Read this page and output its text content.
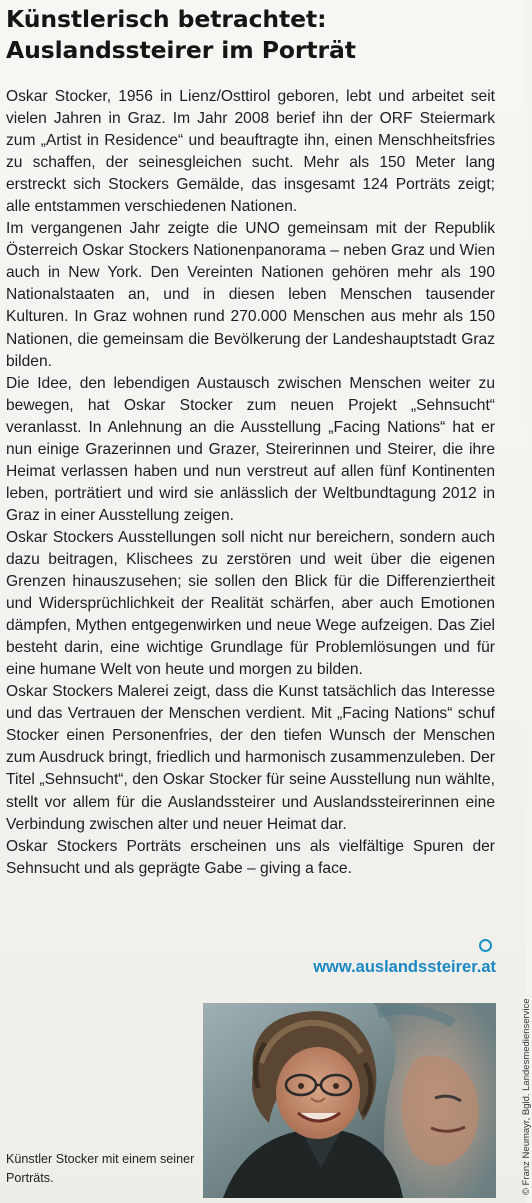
Künstlerisch betrachtet:
Auslandssteirer im Porträt

Oskar Stocker, 1956 in Lienz/Osttirol geboren, lebt und arbeitet seit vielen Jahren in Graz. Im Jahr 2008 berief ihn der ORF Steiermark zum „Artist in Residence“ und beauftragte ihn, einen Menschheitsfries zu schaffen, der seinesgleichen sucht. Mehr als 150 Meter lang erstreckt sich Stockers Gemälde, das insgesamt 124 Porträts zeigt; alle entstammen verschiedenen Nationen.

Im vergangenen Jahr zeigte die UNO gemeinsam mit der Republik Österreich Oskar Stockers Nationenpanorama – neben Graz und Wien auch in New York. Den Vereinten Nationen gehören mehr als 190 Nationalstaaten an, und in diesen leben Menschen tausender Kulturen. In Graz wohnen rund 270.000 Menschen aus mehr als 150 Nationen, die gemeinsam die Bevölkerung der Landeshauptstadt Graz bilden.

Die Idee, den lebendigen Austausch zwischen Menschen weiter zu bewegen, hat Oskar Stocker zum neuen Projekt „Sehnsucht“ veranlasst. In Anlehnung an die Ausstellung „Facing Nations“ hat er nun einige Grazerinnen und Grazer, Steirerinnen und Steirer, die ihre Heimat verlassen haben und nun verstreut auf allen fünf Kontinenten leben, porträtiert und wird sie anlässlich der Weltbundtagung 2012 in Graz in einer Ausstellung zeigen.

Oskar Stockers Ausstellungen soll nicht nur bereichern, sondern auch dazu beitragen, Klischees zu zerstören und weit über die eigenen Grenzen hinauszusehen; sie sollen den Blick für die Differenziertheit und Widersprüchlichkeit der Realität schärfen, aber auch Emotionen dämpfen, Mythen entgegenwirken und neue Wege aufzeigen. Das Ziel besteht darin, eine wichtige Grundlage für Problemlösungen und für eine humane Welt von heute und morgen zu bilden.

Oskar Stockers Malerei zeigt, dass die Kunst tatsächlich das Interesse und das Vertrauen der Menschen verdient. Mit „Facing Nations“ schuf Stocker einen Personenfries, der den tiefen Wunsch der Menschen zum Ausdruck bringt, friedlich und harmonisch zusammenzuleben. Der Titel „Sehnsucht“, den Oskar Stocker für seine Ausstellung nun wählte, stellt vor allem für die Auslandssteirer und Auslandssteirerinnen eine Verbindung zwischen alter und neuer Heimat dar.

Oskar Stockers Porträts erscheinen uns als vielfältige Spuren der Sehnsucht und als geprägte Gabe – giving a face.

www.auslandssteirer.at
Künstler Stocker mit einem seiner Porträts.	© Franz Neumayr, Bgld. Landesmedienservice
